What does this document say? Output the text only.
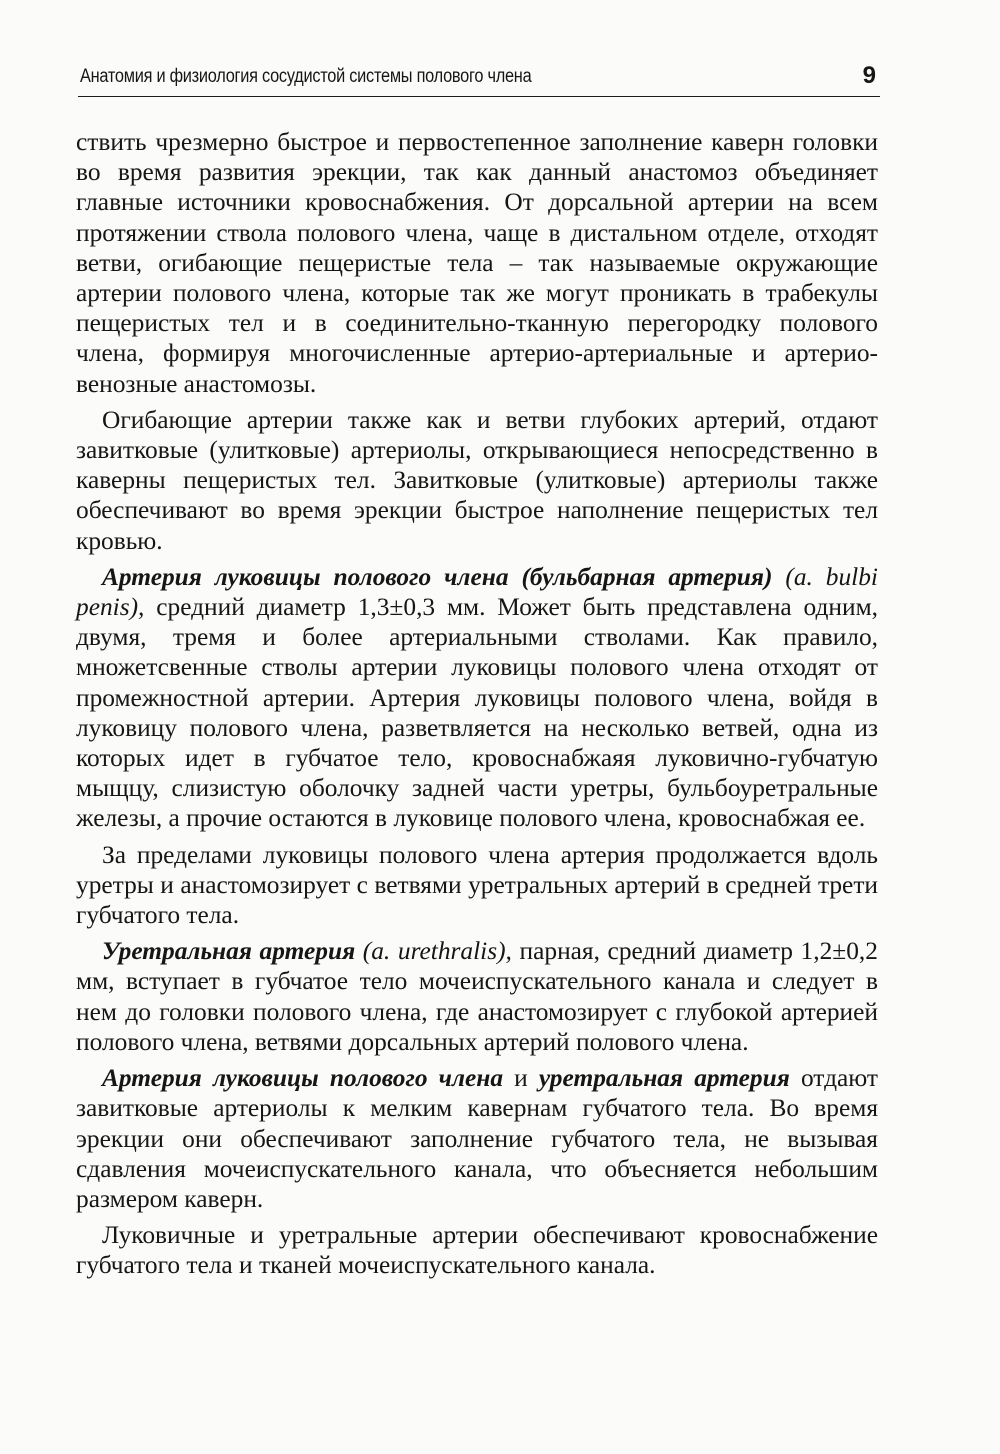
Анатомия и физиология сосудистой системы полового члена	9

ствить чрезмерно быстрое и первостепенное заполнение каверн головки во время развития эрекции, так как данный анастомоз объединяет главные источники кровоснабжения. От дорсальной артерии на всем протяжении ствола полового члена, чаще в дистальном отделе, отходят ветви, огибающие пещеристые тела – так называемые окружающие артерии полового члена, которые так же могут проникать в трабекулы пещеристых тел и в соединительно-тканную перегородку полового члена, формируя многочисленные артерио-артериальные и артерио-венозные анастомозы.

Огибающие артерии также как и ветви глубоких артерий, отдают завитковые (улитковые) артериолы, открывающиеся непосредственно в каверны пещеристых тел. Завитковые (улитковые) артериолы также обеспечивают во время эрекции быстрое наполнение пещеристых тел кровью.

Артерия луковицы полового члена (бульбарная артерия) (a. bulbi penis), средний диаметр 1,3±0,3 мм. Может быть представлена одним, двумя, тремя и более артериальными стволами. Как правило, множетсвенные стволы артерии луковицы полового члена отходят от промежностной артерии. Артерия луковицы полового члена, войдя в луковицу полового члена, разветвляется на несколько ветвей, одна из которых идет в губчатое тело, кровоснабжаяя луковично-губчатую мыщцу, слизистую оболочку задней части уретры, бульбоуретральные железы, а прочие остаются в луковице полового члена, кровоснабжая ее.

За пределами луковицы полового члена артерия продолжается вдоль уретры и анастомозирует с ветвями уретральных артерий в средней трети губчатого тела.

Уретральная артерия (a. urethralis), парная, средний диаметр 1,2±0,2 мм, вступает в губчатое тело мочеиспускательного канала и следует в нем до головки полового члена, где анастомозирует с глубокой артерией полового члена, ветвями дорсальных артерий полового члена.

Артерия луковицы полового члена и уретральная артерия отдают завитковые артериолы к мелким кавернам губчатого тела. Во время эрекции они обеспечивают заполнение губчатого тела, не вызывая сдавления мочеиспускательного канала, что объесняется небольшим размером каверн.

Луковичные и уретральные артерии обеспечивают кровоснабжение губчатого тела и тканей мочеиспускательного канала.
